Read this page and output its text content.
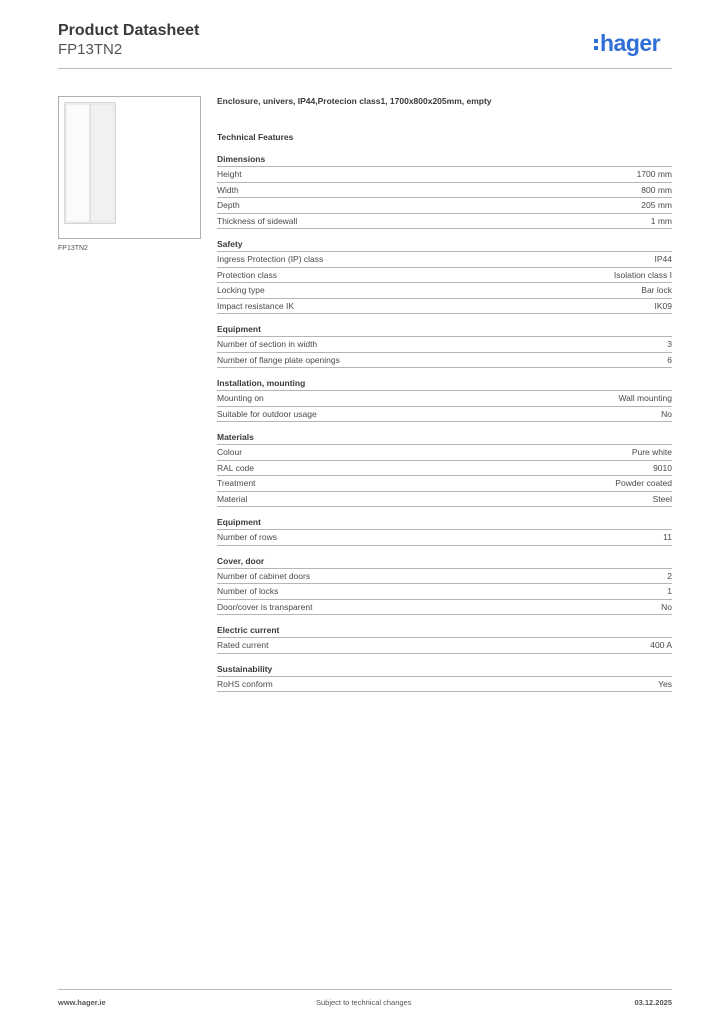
Product Datasheet
FP13TN2	hager
FP13TN2
Enclosure, univers, IP44,Protecion class1, 1700x800x205mm, empty
Technical Features
Dimensions
Height	1700 mm
Width	800 mm
Depth	205 mm
Thickness of sidewall	1 mm
Safety
Ingress Protection (IP) class	IP44
Protection class	Isolation class I
Locking type	Bar lock
Impact resistance IK	IK09
Equipment
Number of section in width	3
Number of flange plate openings	6
Installation, mounting
Mounting on	Wall mounting
Suitable for outdoor usage	No
Materials
Colour	Pure white
RAL code	9010
Treatment	Powder coated
Material	Steel
Equipment
Number of rows	11
Cover, door
Number of cabinet doors	2
Number of locks	1
Door/cover is transparent	No
Electric current
Rated current	400 A
Sustainability
RoHS conform	Yes
www.hager.ie	Subject to technical changes	03.12.2025
